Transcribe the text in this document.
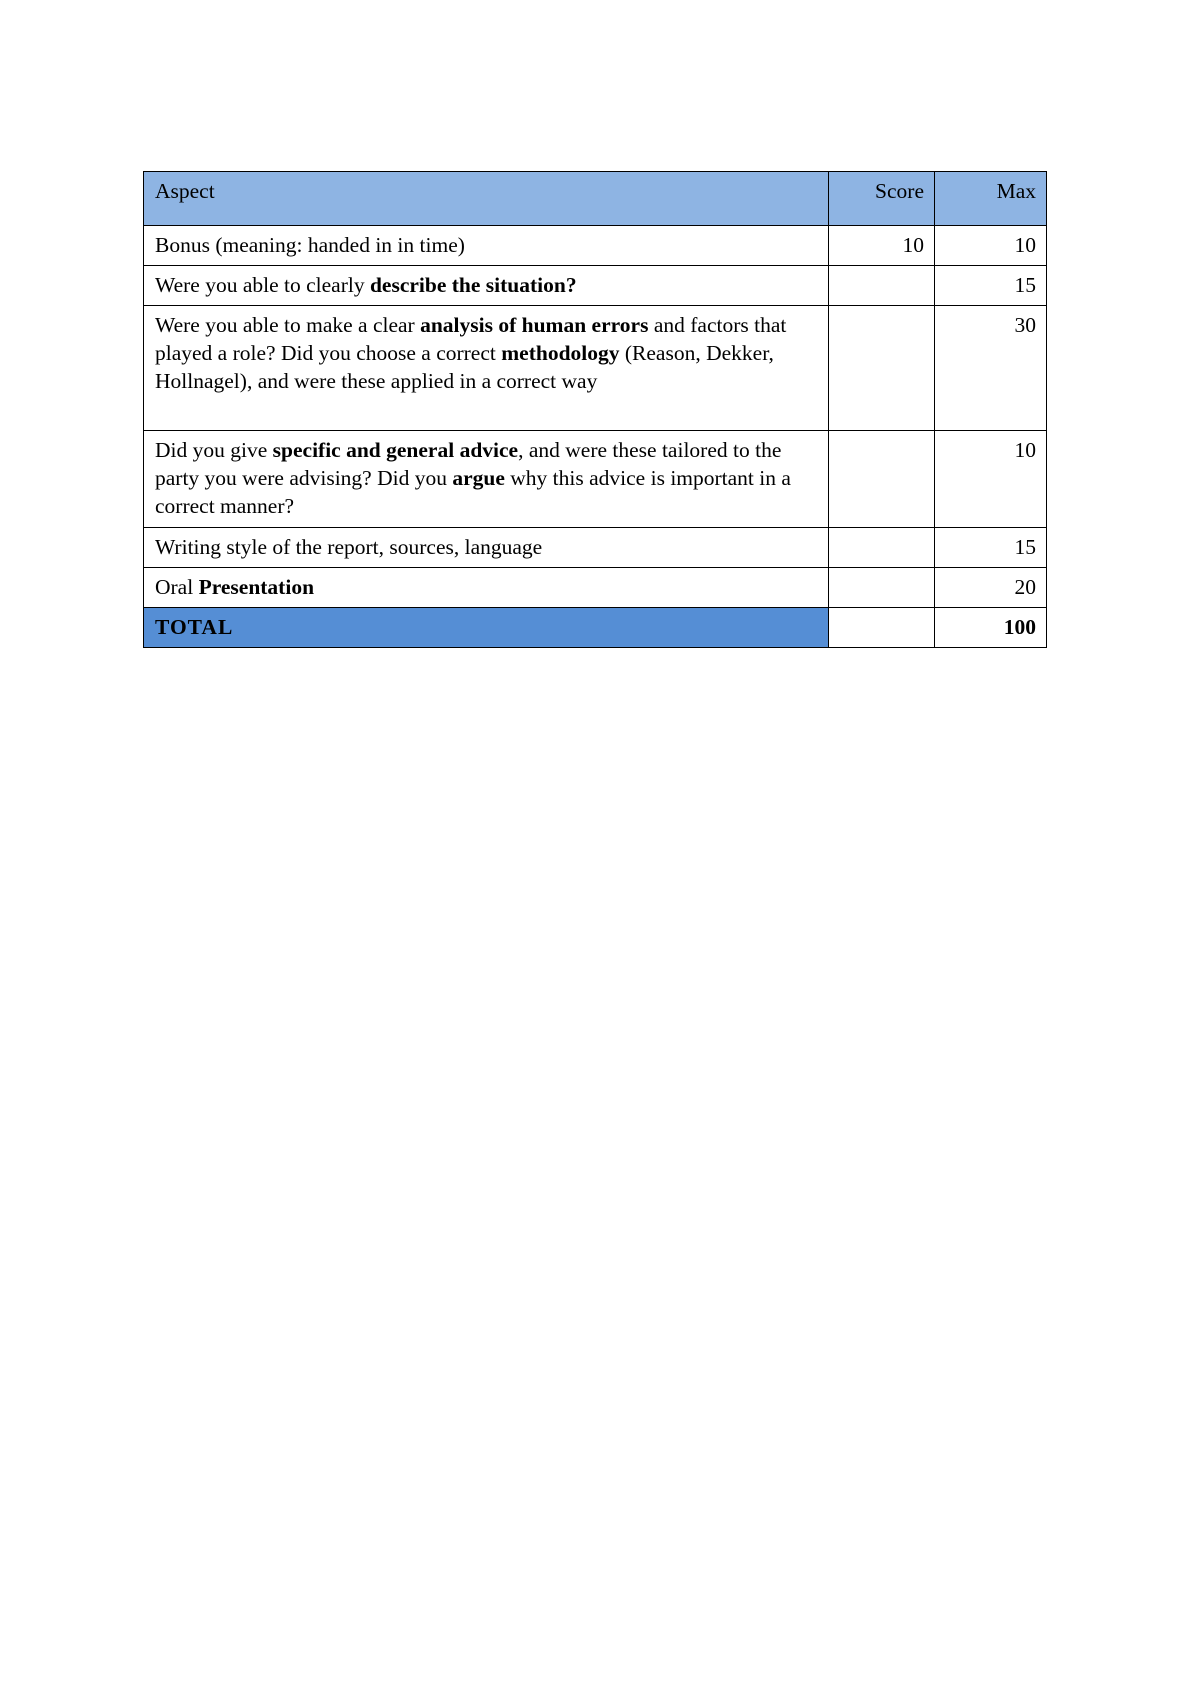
Aspect	Score	Max
Bonus (meaning: handed in in time)	10	10
Were you able to clearly describe the situation?		15
Were you able to make a clear analysis of human errors and factors that played a role? Did you choose a correct methodology (Reason, Dekker, Hollnagel), and were these applied in a correct way		30
Did you give specific and general advice, and were these tailored to the party you were advising? Did you argue why this advice is important in a correct manner?		10
Writing style of the report, sources, language		15
Oral Presentation		20
TOTAL		100
